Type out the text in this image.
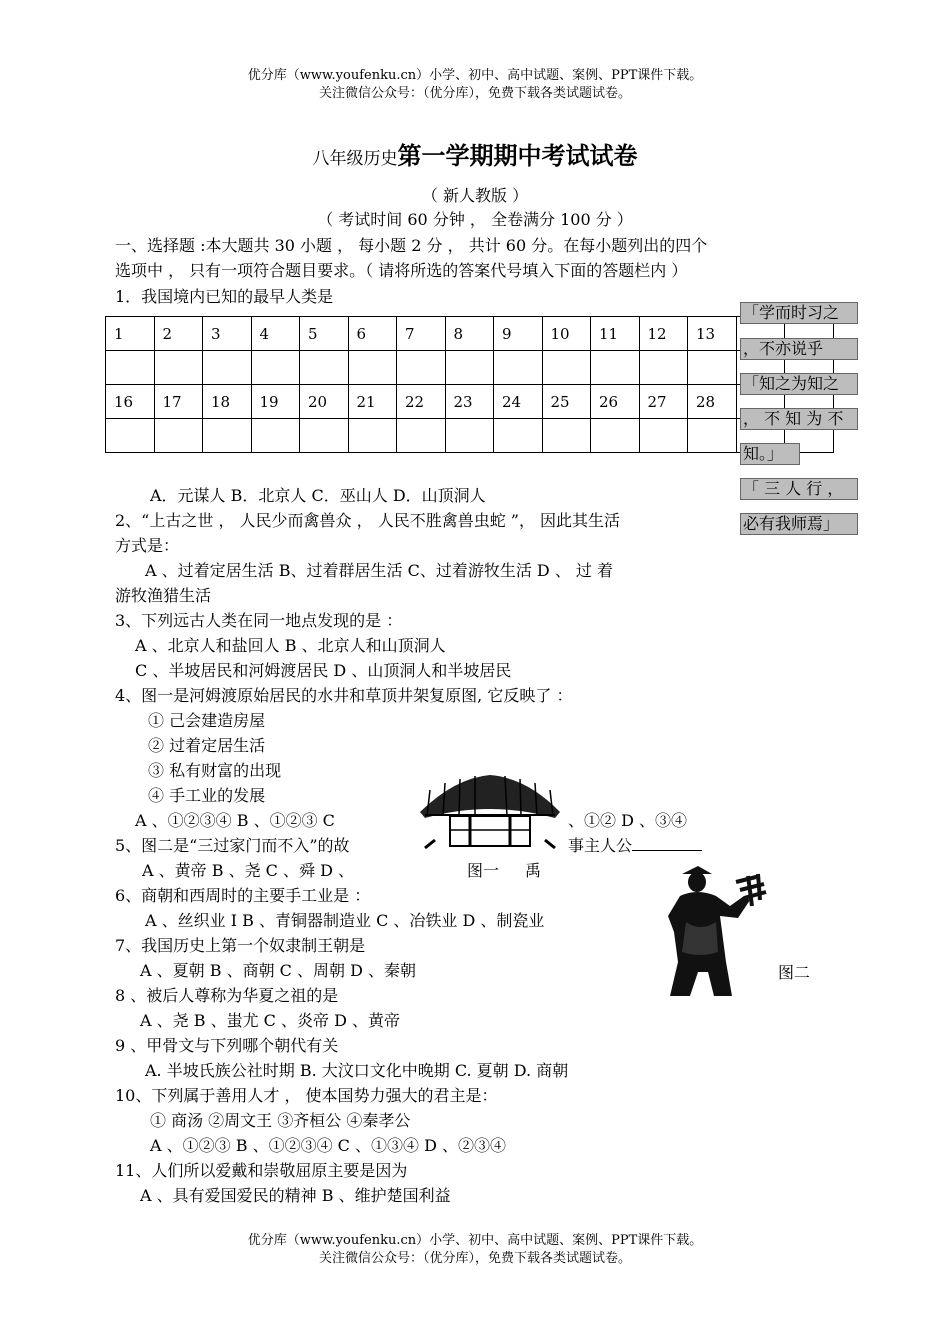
优分库（www.youfenku.cn）小学、初中、高中试题、案例、PPT课件下载。
关注微信公众号：（优分库），免费下载各类试题试卷。
八年级历史第一学期期中考试试卷
（ 新人教版 ）
（ 考试时间 60 分钟 ， 全卷满分 100 分 ）
一、选择题 :本大题共 30 小题 ， 每小题 2 分 ， 共计 60 分。在每小题列出的四个
选项中 ， 只有一项符合题目要求。（ 请将所选的答案代号填入下面的答题栏内 ）
1．我国境内已知的最早人类是
1	2	3	4	5	6	7	8	9	10	11	12	13		

16	17	18	19	20	21	22	23	24	25	26	27	28		

「学而时习之
，不亦说乎
「知之为知之
， 不 知 为 不
知。」
「 三 人 行 ，
必有我师焉」
A．元谋人 B．北京人 C．巫山人 D．山顶洞人
2、“上古之世 ， 人民少而禽兽众 ， 人民不胜禽兽虫蛇 ”， 因此其生活
方式是：
A 、过着定居生活 B、过着群居生活 C、过着游牧生活 D 、 过 着
游牧渔猎生活
3、下列远古人类在同一地点发现的是 ：
A 、北京人和盐回人 B 、北京人和山顶洞人
C 、半坡居民和河姆渡居民 D 、山顶洞人和半坡居民
4、图一是河姆渡原始居民的水井和草顶井架复原图, 它反映了 ：
① 己会建造房屋
② 过着定居生活
③ 私有财富的出现
④ 手工业的发展
A 、①②③④ B 、①②③ C	、①② D 、③④
5、图二是“三过家门而不入”的故	事主人公
A 、黄帝 B 、尧 C 、舜 D 、	图一 禹
6、商朝和西周时的主要手工业是 ：
A 、丝织业 I B 、青铜器制造业 C 、冶铁业 D 、制瓷业
7、我国历史上第一个奴隶制王朝是
A 、夏朝 B 、商朝 C 、周朝 D 、秦朝	图二
8 、被后人尊称为华夏之祖的是
A 、尧 B 、蚩尤 C 、炎帝 D 、黄帝
9 、甲骨文与下列哪个朝代有关
A. 半坡氏族公社时期 B. 大汶口文化中晚期 C. 夏朝 D. 商朝
10、下列属于善用人才 ， 使本国势力强大的君主是：
① 商汤 ②周文王 ③齐桓公 ④秦孝公
A 、①②③ B 、①②③④ C 、①③④ D 、②③④
11、人们所以爱戴和崇敬屈原主要是因为
A 、具有爱国爱民的精神 B 、维护楚国利益
优分库（www.youfenku.cn）小学、初中、高中试题、案例、PPT课件下载。
关注微信公众号：（优分库），免费下载各类试题试卷。
